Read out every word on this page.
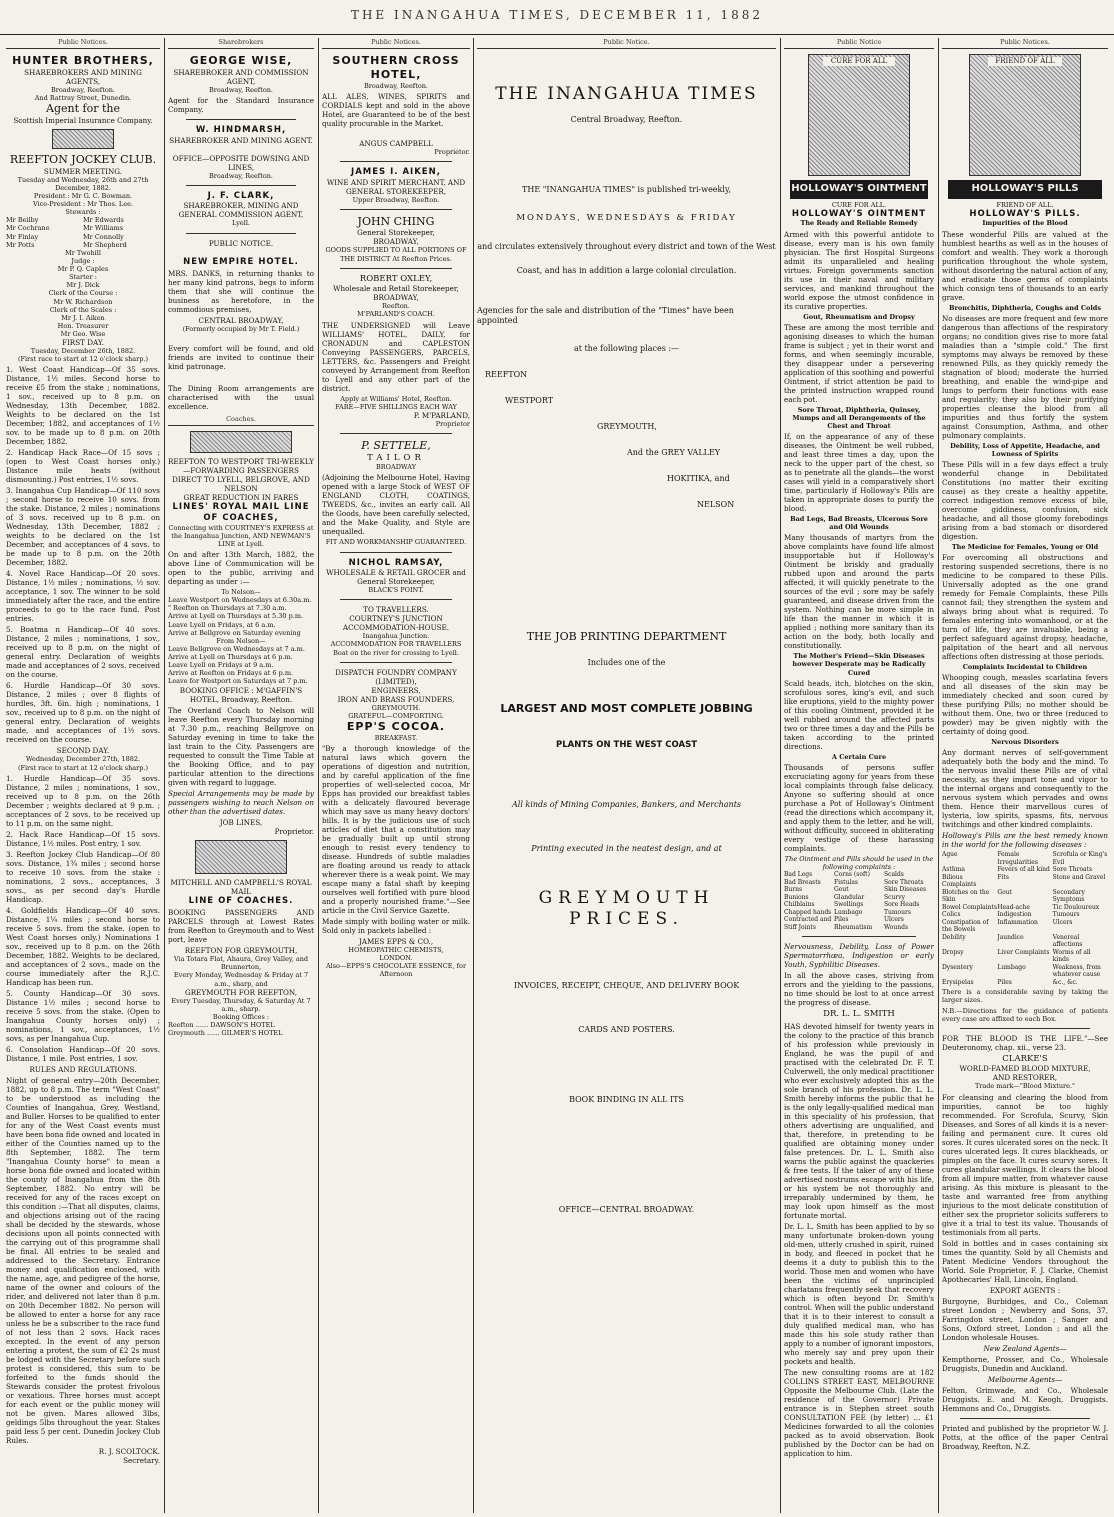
THE INANGAHUA TIMES, DECEMBER 11, 1882
Public Notices.
HUNTER BROTHERS,
SHAREBROKERS AND MINING AGENTS,
Broadway, Reefton.
And Rattray Street, Dunedin.
Agent for the
Scottish Imperial Insurance Company.
REEFTON JOCKEY CLUB.
SUMMER MEETING.
Tuesday and Wednesday, 26th and 27th December, 1882.
President : Mr G. C. Bowman.
Vice-President : Mr Thos. Lee.
Stewards :
Mr Beilby	Mr Edwards
Mr Cochrane	Mr Williams
Mr Finlay	Mr Connolly
Mr Potts	Mr Shepherd
Mr Twohill
Judge :
Mr P. Q. Caples
Starter :
Mr J. Dick
Clerk of the Course :
Mr W. Richardson
Clerk of the Scales :
Mr J. I. Aiken
Hon. Treasurer
Mr Geo. Wise
FIRST DAY.
Tuesday, December 26th, 1882.
(First race to start at 12 o'clock sharp.)
1. West Coast Handicap—Of 35 sovs. Distance, 1½ miles. Second horse to receive £5 from the stake ; nominations, 1 sov., received up to 8 p.m. on Wednesday, 13th December, 1882. Weights to be declared on the 1st December, 1882, and acceptances of 1½ sov. to be made up to 8 p.m. on 20th December, 1882.
2. Handicap Hack Race—Of 15 sovs ; (open to West Coast horses only.) Distance mile heats (without dismounting.) Post entries, 1½ sovs.
3. Inangahua Cup Handicap—Of 110 sovs ; second horse to receive 10 sovs. from the stake. Distance, 2 miles ; nominations of 3 sovs. received up to 8 p.m. on Wednesday, 13th December, 1882 ; weights to be declared on the 1st December, and acceptances of 4 sovs. to be made up to 8 p.m. on the 20th December, 1882.
4. Novel Race Handicap—Of 20 sovs. Distance, 1½ miles ; nominations, ½ sov. acceptance, 1 sov. The winner to be sold immediately after the race, and the entire proceeds to go to the race fund. Post entries.
5. Boatma n Handicap—Of 40 sovs. Distance, 2 miles ; nominations, 1 sov., received up to 8 p.m. on the night of general entry. Declaration of weights made and acceptances of 2 sovs. received on the course.
6. Hurdle Handicap—Of 30 sovs. Distance, 2 miles ; over 8 flights of hurdles, 3ft. 6in. high ; nominations, 1 sov., received up to 8 p.m. on the night of general entry. Declaration of weights made, and acceptances of 1½ sovs. received on the course.
SECOND DAY.
Wednesday, December 27th, 1882.
(First race to start at 12 o'clock sharp.)
1. Hurdle Handicap—Of 35 sovs. Distance, 2 miles ; nominations, 1 sov., received up to 8 p.m. on the 26th December ; weights declared at 9 p.m. ; acceptances of 2 sovs. to be received up to 11 p.m. on the same night.
2. Hack Race Handicap—Of 15 sovs. Distance, 1½ miles. Post entry, 1 sov.
3. Reefton Jockey Club Handicap—Of 80 sovs. Distance, 1¾ miles ; second horse to receive 10 sovs. from the stake : nominations, 2 sovs., acceptances, 3 sovs., as per second day's Hurdle Handicap.
4. Goldfields Handicap—Of 40 sovs. Distance, 1¼ miles ; second horse to receive 5 sovs. from the stake. (open to West Coast horses only.) Nominations 1 sov., received up to 8 p.m. on the 26th December, 1882. Weights to be declared, and acceptances of 2 sovs., made on the course immediately after the R.J.C. Handicap has been run.
5. County Handicap—Of 30 sovs. Distance 1½ miles ; second horse to receive 5 sovs. from the stake. (Open to Inangahua County horses only) ; nominations, 1 sov., acceptances, 1½ sovs, as per Inangahua Cup.
6. Consolation Handicap—Of 20 sovs. Distance, 1 mile. Post entries, 1 sov.
RULES AND REGULATIONS.
Night of general entry—20th December, 1882, up to 8 p.m. The term "West Coast" to be understood as including the Counties of Inangahua, Grey, Westland, and Buller. Horses to be qualified to enter for any of the West Coast events must have been bona fide owned and located in either of the Counties named up to the 8th September, 1882. The term "Inangahua County horse" to mean a horse bona fide owned and located within the county of Inangahua from the 8th September, 1882. No entry will be received for any of the races except on this condition :—That all disputes, claims, and objections arising out of the racing shall be decided by the stewards, whose decisions upon all points connected with the carrying out of this programme shall be final. All entries to be sealed and addressed to the Secretary. Entrance money and qualification enclosed, with the name, age, and pedigree of the horse, name of the owner and colours of the rider, and delivered not later than 8 p.m. on 20th December 1882. No person will be allowed to enter a horse for any race unless he be a subscriber to the race fund of not less than 2 sovs. Hack races excepted. In the event of any person entering a protest, the sum of £2 2s must be lodged with the Secretary before such protest is considered, this sum to be forfeited to the funds should the Stewards consider the protest frivolous or vexatious. Three horses must accept for each event or the public money will not be given. Mares allowed 3lbs, geldings 5lbs throughout the year. Stakes paid less 5 per cent. Dunedin Jockey Club Rules.
R. J. SCOLTOCK.
Secretary.
Sharebrokers
GEORGE WISE,
SHAREBROKER AND COMMISSION AGENT,
Broadway, Reefton.
Agent for the Standard Insurance Company.
W. HINDMARSH,
SHAREBROKER AND MINING AGENT.
OFFICE—OPPOSITE DOWSING AND LINES,
Broadway, Reefton.
J. F. CLARK,
SHAREBROKER, MINING AND GENERAL COMMISSION AGENT,
Lyell.
PUBLIC NOTICE.
NEW EMPIRE HOTEL.
MRS. DANKS, in returning thanks to her many kind patrons, begs to inform them that she will continue the business as heretofore, in the commodious premises,
CENTRAL BROADWAY,
(Formerly occupied by Mr T. Field.)
Every comfort will be found, and old friends are invited to continue their kind patronage.
The Dining Room arrangements are characterised with the usual excellence.
Coaches.
REEFTON TO WESTPORT TRI-WEEKLY—FORWARDING PASSENGERS DIRECT TO LYELL, BELGROVE, AND NELSON
GREAT REDUCTION IN FARES
LINES' ROYAL MAIL LINE OF COACHES,
Connecting with COURTNEY'S EXPRESS at the Inangahua Junction, AND NEWMAN'S LINE at Lyell.
On and after 13th March, 1882, the above Line of Communication will be open to the public, arriving and departing as under :—
To Nelson—
Leave Westport on Wednesdays at 6.30a.m.
" Reefton on Thursdays at 7.30 a.m.
Arrive at Lyell on Thursdays at 5.30 p.m.
Leave Lyell on Fridays, at 6 a.m.
Arrive at Bellgrove on Saturday evening
From Nelson—
Leave Bellgrove on Wednesdays at 7 a.m.
Arrive at Lyell on Thursdays at 6 p.m.
Leave Lyell on Fridays at 9 a.m.
Arrive at Reefton on Fridays at 6 p.m.
Leave for Westport on Saturdays at 7 p.m.
BOOKING OFFICE : M'GAFFIN'S HOTEL, Broadway, Reefton.
The Overland Coach to Nelson will leave Reefton every Thursday morning at 7.30 p.m., reaching Bellgrove on Saturday evening in time to take the last train to the City. Passengers are requested to consult the Time Table at the Booking Office, and to pay particular attention to the directions given with regard to luggage.
Special Arrangements may be made by passengers wishing to reach Nelson on other than the advertised dates.
JOB LINES,
Proprietor.
MITCHELL AND CAMPBELL'S ROYAL MAIL
LINE OF COACHES.
BOOKING PASSENGERS AND PARCELS through at Lowest Rates from Reefton to Greymouth and to West port, leave
REEFTON FOR GREYMOUTH,
Via Totara Flat, Ahaura, Grey Valley, and Brunnerton,
Every Monday, Wednesday & Friday at 7 a.m., sharp, and
GREYMOUTH FOR REEFTON,
Every Tuesday, Thursday, & Saturday At 7 a.m., sharp.
Booking Offices :
Reefton ...... DAWSON'S HOTEL
Greymouth ...... GILMER'S HOTEL
Public Notices.
SOUTHERN CROSS HOTEL,
Broadway, Reefton.
ALL ALES, WINES, SPIRITS and CORDIALS kept and sold in the above Hotel, are Guaranteed to be of the best quality procurable in the Market.
ANGUS CAMPBELL
Proprietor.
JAMES I. AIKEN,
WINE AND SPIRIT MERCHANT, AND GENERAL STOREKEEPER,
Upper Broadway, Reefton.
JOHN CHING
General Storekeeper,
BROADWAY,
GOODS SUPPLIED TO ALL PORTIONS OF THE DISTRICT At Reefton Prices.
ROBERT OXLEY,
Wholesale and Retail Storekeeper,
BROADWAY,
Reefton.
M'PARLAND'S COACH.
THE UNDERSIGNED will Leave WILLIAMS' HOTEL, DAILY, for CRONADUN and CAPLESTON Conveying PASSENGERS, PARCELS, LETTERS, &c. Passengers and Freight conveyed by Arrangement from Reefton to Lyell and any other part of the district.
Apply at Williams' Hotel, Reefton.
FARE—FIVE SHILLINGS EACH WAY
P. M'PARLAND,
Proprietor
P. SETTELE,
TAILOR
BROADWAY
(Adjoining the Melbourne Hotel, Having opened with a large Stock of WEST OF ENGLAND CLOTH, COATINGS, TWEEDS, &c., invites an early call. All the Goods, have been carefully selected, and the Make Quality, and Style are unequalled.
FIT AND WORKMANSHIP GUARANTEED.
NICHOL RAMSAY,
WHOLESALE & RETAIL GROCER and General Storekeeper,
BLACK'S POINT.
TO TRAVELLERS.
COURTNEY'S JUNCTION ACCOMMODATION-HOUSE.
Inangahua Junction.
ACCOMMODATION FOR TRAVELLERS
Boat on the river for crossing to Lyell.
DISPATCH FOUNDRY COMPANY (LIMITED),
ENGINEERS,
IRON AND BRASS FOUNDERS,
GREYMOUTH.
GRATEFUL—COMFORTING.
EPP'S COCOA.
BREAKFAST.
"By a thorough knowledge of the natural laws which govern the operations of digestion and nutrition, and by careful application of the fine properties of well-selected cocoa, Mr Epps has provided our breakfast tables with a delicately flavoured beverage which may save us many heavy doctors' bills. It is by the judicious use of such articles of diet that a constitution may be gradually built up until strong enough to resist every tendency to disease. Hundreds of subtle maladies are floating around us ready to attack wherever there is a weak point. We may escape many a fatal shaft by keeping ourselves well fortified with pure blood and a properly nourished frame."—See article in the Civil Service Gazette.
Made simply with boiling water or milk. Sold only in packets labelled :
JAMES EPPS & CO.,
HOMEOPATHIC CHEMISTS,
LONDON.
Also—EPPS'S CHOCOLATE ESSENCE, for Afternoon
Public Notice.
THE INANGAHUA TIMES
Central Broadway, Reefton.
THE "INANGAHUA TIMES" is published tri-weekly,
MONDAYS, WEDNESDAYS & FRIDAY
and circulates extensively throughout every district and town of the West
Coast, and has in addition a large colonial circulation.
Agencies for the sale and distribution of the "Times" have been appointed
at the following places :—
REEFTON
WESTPORT
GREYMOUTH,
And the GREY VALLEY
HOKITIKA, and
NELSON
THE JOB PRINTING DEPARTMENT
Includes one of the
LARGEST AND MOST COMPLETE JOBBING
PLANTS ON THE WEST COAST
All kinds of Mining Companies, Bankers, and Merchants
Printing executed in the neatest design, and at
GREYMOUTH PRICES.
INVOICES, RECEIPT, CHEQUE, AND DELIVERY BOOK
CARDS AND POSTERS.
BOOK BINDING IN ALL ITS
OFFICE—CENTRAL BROADWAY.
Public Notice
CURE FOR ALL
HOLLOWAY'S OINTMENT
CURE FOR ALL.
HOLLOWAY'S OINTMENT
The Ready and Reliable Remedy
Armed with this powerful antidote to disease, every man is his own family physician. The first Hospital Surgeons admit its unparalleled and healing virtues. Foreign governments sanction its use in their naval and military services, and mankind throughout the world expose the utmost confidence in its curative properties.
Gout, Rheumatism and Dropsy
These are among the most terrible and agonising diseases to which the human frame is subject ; yet in their worst and forms, and when seemingly incurable, they disappear under a persevering application of this soothing and powerful Ointment, if strict attention be paid to the printed instruction wrapped round each pot.
Sore Throat, Diphtheria, Quinsey, Mumps and all Derangements of the Chest and Throat
If, on the appearance of any of these diseases, the Ointment be well rubbed, and least three times a day, upon the neck to the upper part of the chest, so as to penetrate all the glands—the worst cases will yield in a comparatively short time, particularly if Holloway's Pills are taken in appropriate doses to purify the blood.
Bad Legs, Bad Breasts, Ulcerous Sore and Old Wounds
Many thousands of martyrs from the above complaints have found life almost insupportable but if Holloway's Ointment be briskly and gradually rubbed upon and around the parts affected, it will quickly penetrate to the sources of the evil ; sore may be safely guaranteed, and disease driven from the system. Nothing can be more simple in life than the manner in which it is applied ; nothing more sanitary than its action on the body, both locally and constitutionally.
The Mother's Friend—Skin Diseases however Desperate may be Radically Cured
Scald heads, itch, blotches on the skin, scrofulous sores, king's evil, and such like eruptions, yield to the mighty power of this cooling Ointment, provided it be well rubbed around the affected parts two or three times a day and the Pills be taken according to the printed directions.
A Certain Cure
Thousands of persons suffer excruciating agony for years from these local complaints through false delicacy. Anyone so suffering should at once purchase a Pot of Holloway's Ointment (read the directions which accompany it, and apply them to the letter, and he will, without difficulty, succeed in obliterating every vestige of these harassing complaints.
The Ointment and Pills should be used in the following complaints :
Bad Legs	Corns (soft)	Scalds
Bad Breasts	Fistulas	Sore Throats
Burns	Gout	Skin Diseases
Bunions	Glandular	Scurvy
Chilblains	Swellings	Sore Heads
Chapped hands Lumbago	Tumours
Contracted and Piles	Ulcers
Stiff Joints	Rheumatism	Wounds
Nervousness, Debility, Loss of Power Spermatorrhœa, Indigestion or early Youth, Syphilitic Diseases.
In all the above cases, striving from errors and the yielding to the passions, no time should be lost to at once arrest the progress of disease.
DR. L. L. SMITH
HAS devoted himself for twenty years in the colony to the practice of this branch of his profession while previously in England, he was the pupil of and practised with the celebrated Dr. F. T. Culverwell, the only medical practitioner who ever exclusively adopted this as the sole branch of his profession. Dr. L. L. Smith hereby informs the public that he is the only legally-qualified medical man in this speciality of his profession, that others advertising are unqualified, and that, therefore, in pretending to be qualified are obtaining money under false pretences. Dr. L. L. Smith also warns the public against the quackeries & free tests. If the taker of any of these advertised nostrums escape with his life, or his system be not thoroughly and irreparably undermined by them, he may look upon himself as the most fortunate mortal.
Dr. L. L. Smith has been applied to by so many unfortunate broken-down young old-men, utterly crushed in spirit, ruined in body, and fleeced in pocket that he deems it a duty to publish this to the world. Those men and women who have been the victims of unprincipled charlatans frequently seek that recovery which is often beyond Dr. Smith's control. When will the public understand that it is to their interest to consult a duly qualified medical man, who has made this his sole study rather than apply to a number of ignorant impostors, who merely say and prey upon their pockets and health.
The new consulting rooms are at 182 COLLINS STREET EAST, MELBOURNE Opposite the Melbourne Club. (Late the residence of the Governor) Private entrance is in Stephen street south CONSULTATION FEE (by letter) ... £1 Medicines forwarded to all the colonies packed as to avoid observation. Book published by the Doctor can be had on application to him.
Public Notices.
FRIEND OF ALL
HOLLOWAY'S PILLS
FRIEND OF ALL.
HOLLOWAY'S PILLS.
Impurities of the Blood
These wonderful Pills are valued at the humblest hearths as well as in the houses of comfort and wealth. They work a thorough purification throughout the whole system, without disordering the natural action of any, and eradicate those germs of complaints which consign tens of thousands to an early grave.
Bronchitis, Diphtheria, Coughs and Colds
No diseases are more frequent and few more dangerous than affections of the respiratory organs; no condition gives rise to more fatal maladies than a "simple cold." The first symptoms may always be removed by these renowned Pills, as they quickly remedy the stagnation of blood; moderate the hurried breathing, and enable the wind-pipe and lungs to perform their functions with ease and regularity; they also by their purifying properties cleanse the blood from all impurities and thus fortify the system against Consumption, Asthma, and other pulmonary complaints.
Debility, Loss of Appetite, Headache, and Lowness of Spirits
These Pills will in a few days effect a truly wonderful change in Debilitated Constitutions (no matter their exciting cause) as they create a healthy appetite, correct indigestion remove excess of bile, overcome giddiness, confusion, sick headache, and all those gloomy forebodings arising from a bad stomach or disordered digestion.
The Medicine for Females, Young or Old
For overcoming all obstructions and restoring suspended secretions, there is no medicine to be compared to these Pills. Universally adopted as the one grand remedy for Female Complaints, these Pills cannot fail; they strengthen the system and always bring about what is required. To females entering into womanhood, or at the turn of life, they are invaluable, being a perfect safeguard against dropsy, headache, palpitation of the heart and all nervous affections often distressing at those periods.
Complaints Incidental to Children
Whooping cough, measles scarlatina fevers and all diseases of the skin may be immediately checked and soon cured by these purifying Pills; no mother should be without them. One, two or three (reduced to powder) may be given nightly with the certainty of doing good.
Nervous Disorders
Any dormant nerves of self-government adequately both the body and the mind. To the nervous invalid these Pills are of vital necessity, as they impart tone and vigor to the internal organs and consequently to the nervous system which pervades and owns them. Hence their marvellous cures of lysteria, low spirits, spasms, fits, nervous twitchings and other kindred complaints.
Holloway's Pills are the best remedy known in the world for the following diseases :
Ague	Female Irregularities
Scrofula or King's Evil
Asthma	Fevers of all kind Sore Throats
Bilious Complaints
Fits	Stone and Gravel
Blotches on the Skin
Gout	Secondary Symptoms
Bowel Complaints Head-ache	Tic Douloureux
Colics	Indigestion	Tumours
Constipation of the Bowels
Inflammation	Ulcers
Debility	Jaundice	Venereal affections
Dropsy	Liver Complaints Worms of all kinds
Dysentery	Lumbago	Weakness, from whatever cause
Erysipelas	Piles	&c., &c.
There is a considerable saving by taking the larger sizes.
N.B.—Directions for the guidance of patients every case are affixed to each Box.
FOR THE BLOOD IS THE LIFE."—See Deuteronomy, chap. xii., verse 23.
CLARKE'S
WORLD-FAMED BLOOD MIXTURE,
AND RESTORER,
Trade mark—"Blood Mixture."
For cleansing and clearing the blood from impurities, cannot be too highly recommended. For Scrofula, Scurvy, Skin Diseases, and Sores of all kinds it is a never-failing and permanent cure. It cures old sores. It cures ulcerated sores on the neck. It cures ulcerated legs. It cures blackheads, or pimples on the face. It cures scurvy sores. It cures glandular swellings. It clears the blood from all impure matter, from whatever cause arising. As this mixture is pleasant to the taste and warranted free from anything injurious to the most delicate constitution of either sex the proprietor solicits sufferers to give it a trial to test its value. Thousands of testimonials from all parts.
Sold in bottles and in cases containing six times the quantity. Sold by all Chemists and Patent Medicine Vendors throughout the World. Sole Proprietor, F. J. Clarke, Chemist Apothecaries' Hall, Lincoln, England.
EXPORT AGENTS :
Burgoyne, Burbidges, and Co., Coleman street London ; Newberry and Sons, 37, Farringdon street, London ; Sanger and Sons, Oxford street, London ; and all the London wholesale Houses.
New Zealand Agents—
Kempthorne, Prosser, and Co., Wholesale Druggists, Dunedin and Auckland.
Melbourne Agents—
Felton, Grimwade, and Co., Wholesale Druggists. E. and M. Keogh, Druggists. Hemmons and Co., Druggists.
Printed and published by the proprietor W. J. Potts, at the office of the paper Central Broadway, Reefton, N.Z.
